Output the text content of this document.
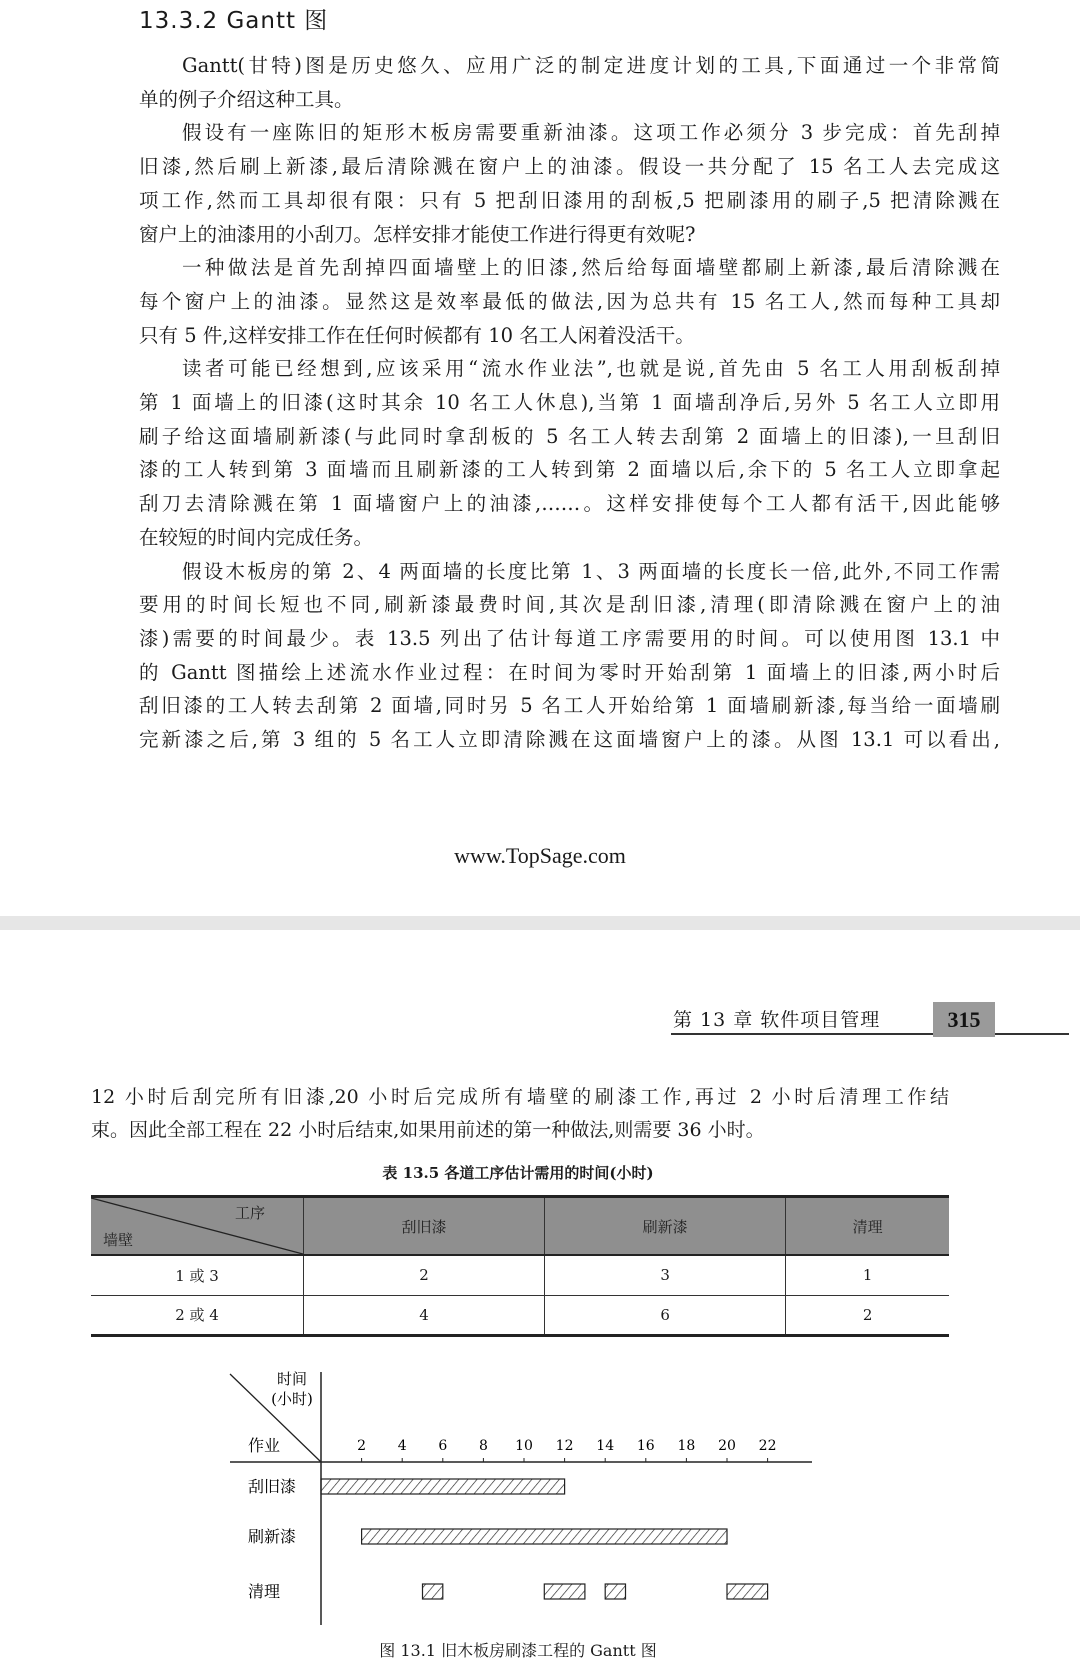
13.3.2 Gantt 图
Gantt(甘特)图是历史悠久、应用广泛的制定进度计划的工具,下面通过一个非常简
单的例子介绍这种工具。
假设有一座陈旧的矩形木板房需要重新油漆。这项工作必须分 3 步完成：首先刮掉
旧漆,然后刷上新漆,最后清除溅在窗户上的油漆。假设一共分配了 15 名工人去完成这
项工作,然而工具却很有限：只有 5 把刮旧漆用的刮板,5 把刷漆用的刷子,5 把清除溅在
窗户上的油漆用的小刮刀。怎样安排才能使工作进行得更有效呢?
一种做法是首先刮掉四面墙壁上的旧漆,然后给每面墙壁都刷上新漆,最后清除溅在
每个窗户上的油漆。显然这是效率最低的做法,因为总共有 15 名工人,然而每种工具却
只有 5 件,这样安排工作在任何时候都有 10 名工人闲着没活干。
读者可能已经想到,应该采用“流水作业法”,也就是说,首先由 5 名工人用刮板刮掉
第 1 面墙上的旧漆(这时其余 10 名工人休息),当第 1 面墙刮净后,另外 5 名工人立即用
刷子给这面墙刷新漆(与此同时拿刮板的 5 名工人转去刮第 2 面墙上的旧漆),一旦刮旧
漆的工人转到第 3 面墙而且刷新漆的工人转到第 2 面墙以后,余下的 5 名工人立即拿起
刮刀去清除溅在第 1 面墙窗户上的油漆,……。这样安排使每个工人都有活干,因此能够
在较短的时间内完成任务。
假设木板房的第 2、4 两面墙的长度比第 1、3 两面墙的长度长一倍,此外,不同工作需
要用的时间长短也不同,刷新漆最费时间,其次是刮旧漆,清理(即清除溅在窗户上的油
漆)需要的时间最少。表 13.5 列出了估计每道工序需要用的时间。可以使用图 13.1 中
的 Gantt 图描绘上述流水作业过程：在时间为零时开始刮第 1 面墙上的旧漆,两小时后
刮旧漆的工人转去刮第 2 面墙,同时另 5 名工人开始给第 1 面墙刷新漆,每当给一面墙刷
完新漆之后,第 3 组的 5 名工人立即清除溅在这面墙窗户上的漆。从图 13.1 可以看出,
www.TopSage.com
第 13 章 软件项目管理	315
12 小时后刮完所有旧漆,20 小时后完成所有墙壁的刷漆工作,再过 2 小时后清理工作结
束。因此全部工程在 22 小时后结束,如果用前述的第一种做法,则需要 36 小时。
表 13.5 各道工序估计需用的时间(小时)
工序
墙壁	刮旧漆	刷新漆	清理
1 或 3	2	3	1
2 或 4	4	6	2
时间
(小时)
作业	2 4 6 8 10 12 14 16 18 20 22
刮旧漆
刷新漆
清理
图 13.1 旧木板房刷漆工程的 Gantt 图
